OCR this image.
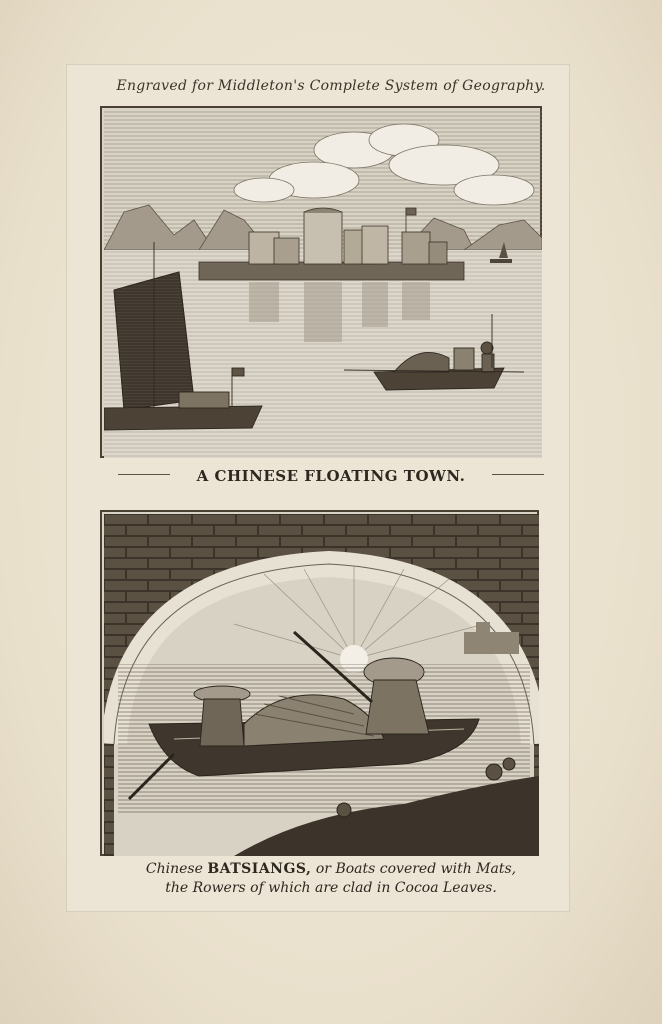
Engraved for Middleton's Complete System of Geography.
A CHINESE FLOATING TOWN.
Chinese BATSIANGS, or Boats covered with Mats,
the Rowers of which are clad in Cocoa Leaves.
